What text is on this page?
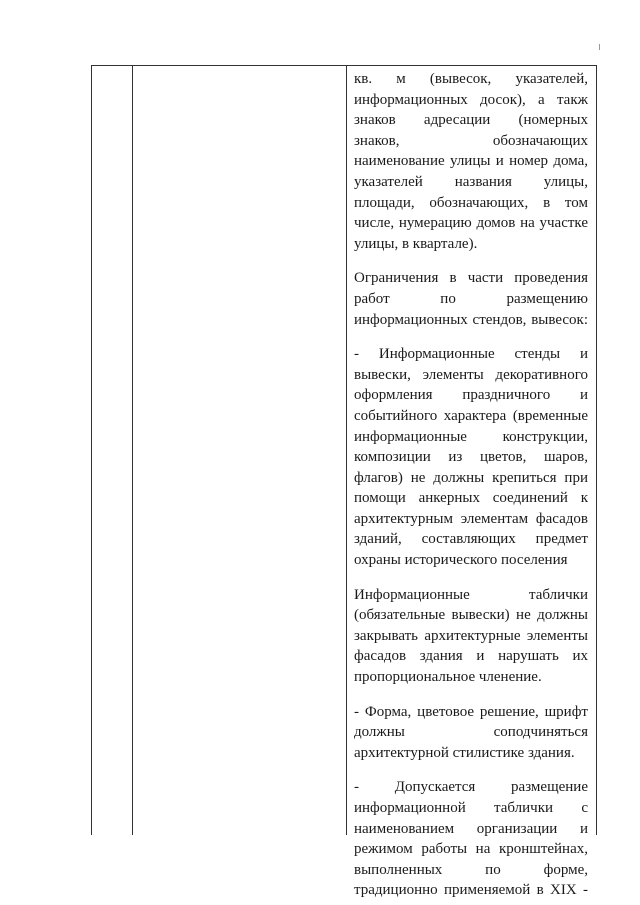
кв. м (вывесок, указателей, информационных досок), а такж знаков адресации (номерных знаков, обозначающих наименование улицы и номер дома, указателей названия улицы, площади, обозначающих, в том числе, нумерацию домов на участке улицы, в квартале).

Ограничения в части проведения работ по размещению информационных стендов, вывесок:

- Информационные стенды и вывески, элементы декоративного оформления праздничного и событийного характера (временные информационные конструкции, композиции из цветов, шаров, флагов) не должны крепиться при помощи анкерных соединений к архитектурным элементам фасадов зданий, составляющих предмет охраны исторического поселения

Информационные таблички (обязательные вывески) не должны закрывать архитектурные элементы фасадов здания и нарушать их пропорциональное членение.

- Форма, цветовое решение, шрифт должны соподчиняться архитектурной стилистике здания.

- Допускается размещение информационной таблички с наименованием организации и режимом работы на кронштейнах, выполненных по форме, традиционно применяемой в XIX -
